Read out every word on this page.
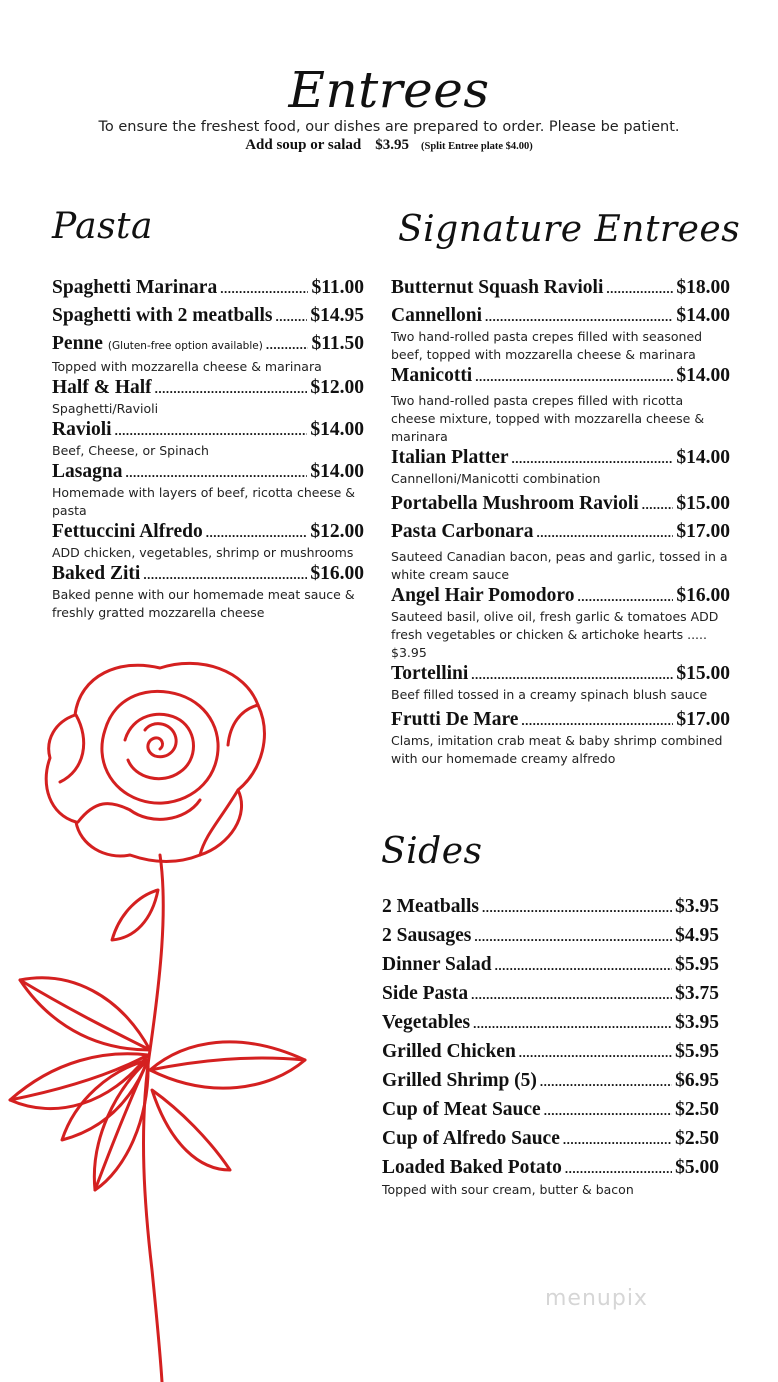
Entrees
To ensure the freshest food, our dishes are prepared to order. Please be patient.
Add soup or salad $3.95 (Split Entree plate $4.00)
Pasta	Signature Entrees
Sides
Spaghetti Marinara .....	$11.00
Spaghetti with 2 meatballs ..... $14.95
Penne (Gluten-free option available) ..... $11.50
Topped with mozzarella cheese & marinara
Half & Half .....	$12.00
Spaghetti/Ravioli
Ravioli .....	$14.00
Beef, Cheese, or Spinach
Lasagna .....	$14.00
Homemade with layers of beef, ricotta cheese & pasta
Fettuccini Alfredo .....	$12.00
ADD chicken, vegetables, shrimp or mushrooms
Baked Ziti .....	$16.00
Baked penne with our homemade meat sauce & freshly gratted mozzarella cheese
Butternut Squash Ravioli .....	$18.00
Cannelloni .....	$14.00
Two hand-rolled pasta crepes filled with seasoned beef, topped with mozzarella cheese & marinara
Manicotti .....	$14.00
Two hand-rolled pasta crepes filled with ricotta cheese mixture, topped with mozzarella cheese & marinara
Italian Platter .....	$14.00
Cannelloni/Manicotti combination
Portabella Mushroom Ravioli ..... $15.00
Pasta Carbonara .....	$17.00
Sauteed Canadian bacon, peas and garlic, tossed in a white cream sauce
Angel Hair Pomodoro .....	$16.00
Sauteed basil, olive oil, fresh garlic & tomatoes ADD fresh vegetables or chicken & artichoke hearts ..... $3.95
Tortellini .....	$15.00
Beef filled tossed in a creamy spinach blush sauce
Frutti De Mare .....	$17.00
Clams, imitation crab meat & baby shrimp combined with our homemade creamy alfredo
2 Meatballs .....	$3.95
2 Sausages .....	$4.95
Dinner Salad .....	$5.95
Side Pasta .....	$3.75
Vegetables .....	$3.95
Grilled Chicken .....	$5.95
Grilled Shrimp (5) .....	$6.95
Cup of Meat Sauce .....	$2.50
Cup of Alfredo Sauce .....	$2.50
Loaded Baked Potato .....	$5.00
Topped with sour cream, butter & bacon
menupix
